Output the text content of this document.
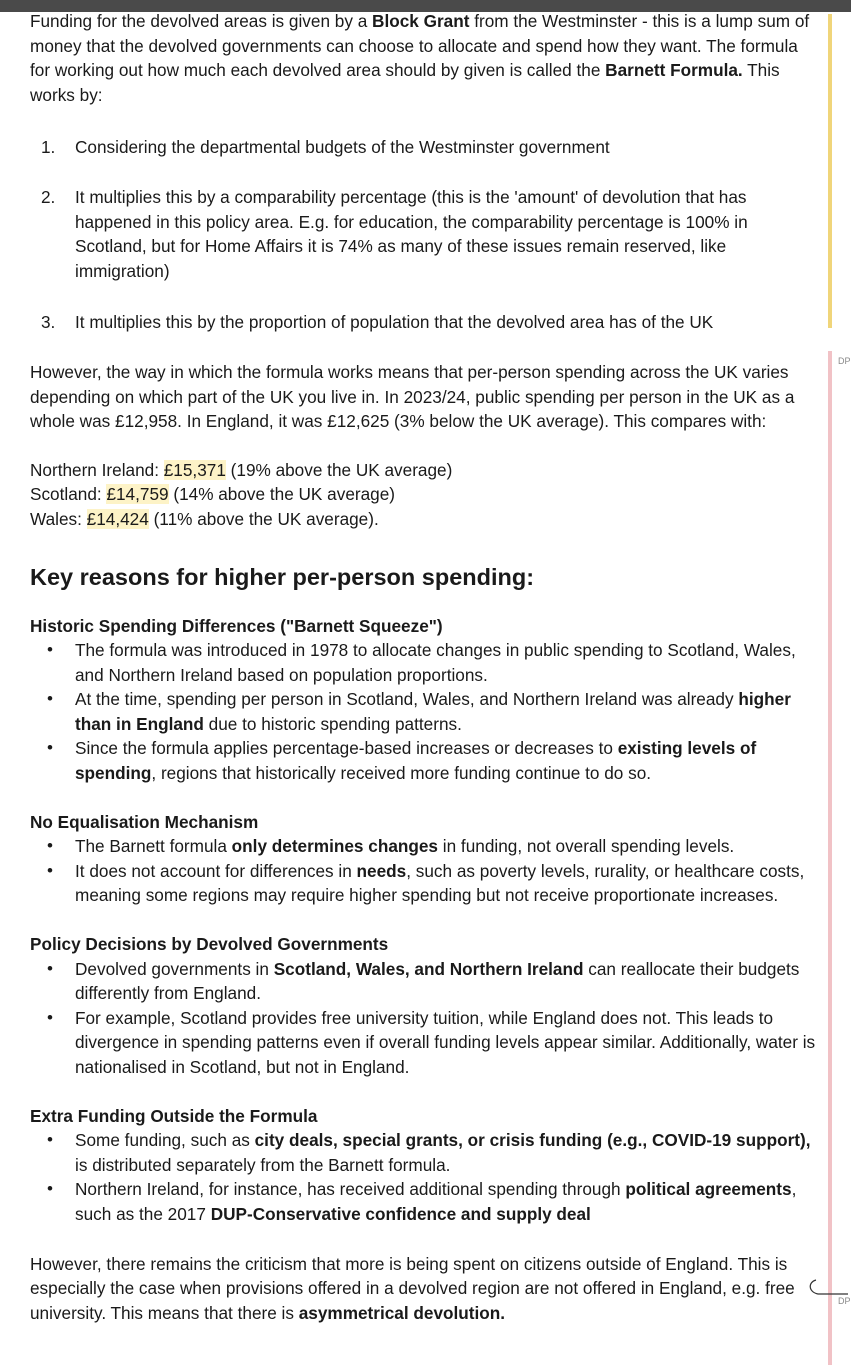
Funding for the devolved areas is given by a Block Grant from the Westminster - this is a lump sum of money that the devolved governments can choose to allocate and spend how they want. The formula for working out how much each devolved area should by given is called the Barnett Formula. This works by:

1. Considering the departmental budgets of the Westminster government
2. It multiplies this by a comparability percentage (this is the 'amount' of devolution that has happened in this policy area. E.g. for education, the comparability percentage is 100% in Scotland, but for Home Affairs it is 74% as many of these issues remain reserved, like immigration)
3. It multiplies this by the proportion of population that the devolved area has of the UK

However, the way in which the formula works means that per-person spending across the UK varies depending on which part of the UK you live in. In 2023/24, public spending per person in the UK as a whole was £12,958. In England, it was £12,625 (3% below the UK average). This compares with:

Northern Ireland: £15,371 (19% above the UK average)
Scotland: £14,759 (14% above the UK average)
Wales: £14,424 (11% above the UK average).
Key reasons for higher per-person spending:
Historic Spending Differences ("Barnett Squeeze")
• The formula was introduced in 1978 to allocate changes in public spending to Scotland, Wales, and Northern Ireland based on population proportions.
• At the time, spending per person in Scotland, Wales, and Northern Ireland was already higher than in England due to historic spending patterns.
• Since the formula applies percentage-based increases or decreases to existing levels of spending, regions that historically received more funding continue to do so.
No Equalisation Mechanism
• The Barnett formula only determines changes in funding, not overall spending levels.
• It does not account for differences in needs, such as poverty levels, rurality, or healthcare costs, meaning some regions may require higher spending but not receive proportionate increases.
Policy Decisions by Devolved Governments
• Devolved governments in Scotland, Wales, and Northern Ireland can reallocate their budgets differently from England.
• For example, Scotland provides free university tuition, while England does not. This leads to divergence in spending patterns even if overall funding levels appear similar. Additionally, water is nationalised in Scotland, but not in England.
Extra Funding Outside the Formula
• Some funding, such as city deals, special grants, or crisis funding (e.g., COVID-19 support), is distributed separately from the Barnett formula.
• Northern Ireland, for instance, has received additional spending through political agreements, such as the 2017 DUP-Conservative confidence and supply deal

However, there remains the criticism that more is being spent on citizens outside of England. This is especially the case when provisions offered in a devolved region are not offered in England, e.g. free university. This means that there is asymmetrical devolution.

DP
DP
